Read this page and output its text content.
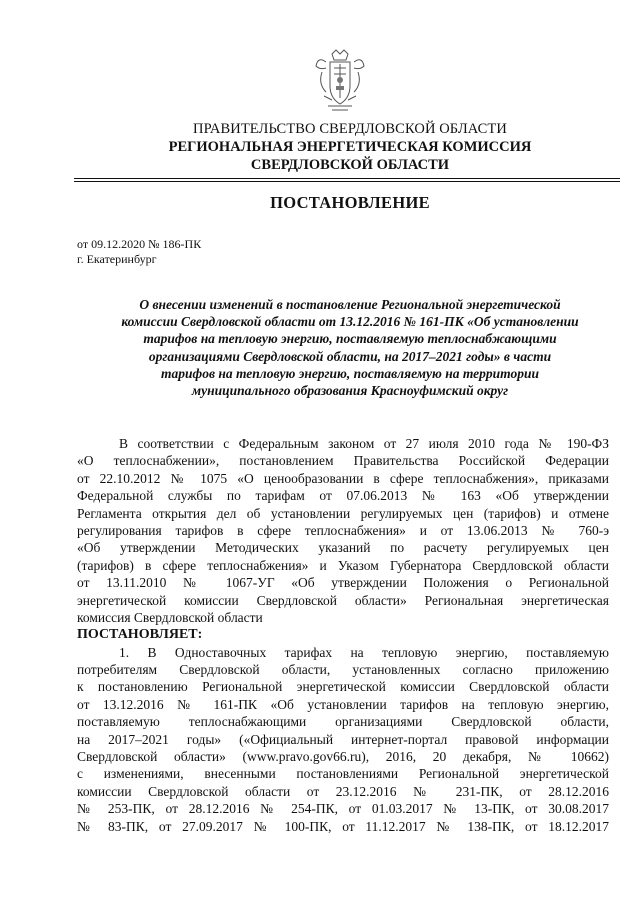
ПРАВИТЕЛЬСТВО СВЕРДЛОВСКОЙ ОБЛАСТИ
РЕГИОНАЛЬНАЯ ЭНЕРГЕТИЧЕСКАЯ КОМИССИЯ
СВЕРДЛОВСКОЙ ОБЛАСТИ
ПОСТАНОВЛЕНИЕ
от 09.12.2020 № 186-ПК
г. Екатеринбург
О внесении изменений в постановление Региональной энергетической
комиссии Свердловской области от 13.12.2016 № 161-ПК «Об установлении
тарифов на тепловую энергию, поставляемую теплоснабжающими
организациями Свердловской области, на 2017–2021 годы» в части
тарифов на тепловую энергию, поставляемую на территории
муниципального образования Красноуфимский округ
В соответствии с Федеральным законом от 27 июля 2010 года № 190-ФЗ
«О теплоснабжении», постановлением Правительства Российской Федерации
от 22.10.2012 № 1075 «О ценообразовании в сфере теплоснабжения», приказами
Федеральной службы по тарифам от 07.06.2013 № 163 «Об утверждении
Регламента открытия дел об установлении регулируемых цен (тарифов) и отмене
регулирования тарифов в сфере теплоснабжения» и от 13.06.2013 № 760-э
«Об утверждении Методических указаний по расчету регулируемых цен
(тарифов) в сфере теплоснабжения» и Указом Губернатора Свердловской области
от 13.11.2010 № 1067-УГ «Об утверждении Положения о Региональной
энергетической комиссии Свердловской области» Региональная энергетическая
комиссия Свердловской области
ПОСТАНОВЛЯЕТ:
1. В Одноставочных тарифах на тепловую энергию, поставляемую
потребителям Свердловской области, установленных согласно приложению
к постановлению Региональной энергетической комиссии Свердловской области
от 13.12.2016 № 161-ПК «Об установлении тарифов на тепловую энергию,
поставляемую теплоснабжающими организациями Свердловской области,
на 2017–2021 годы» («Официальный интернет-портал правовой информации
Свердловской области» (www.pravo.gov66.ru), 2016, 20 декабря, № 10662)
с изменениями, внесенными постановлениями Региональной энергетической
комиссии Свердловской области от 23.12.2016 № 231-ПК, от 28.12.2016
№ 253-ПК, от 28.12.2016 № 254-ПК, от 01.03.2017 № 13-ПК, от 30.08.2017
№ 83-ПК, от 27.09.2017 № 100-ПК, от 11.12.2017 № 138-ПК, от 18.12.2017
